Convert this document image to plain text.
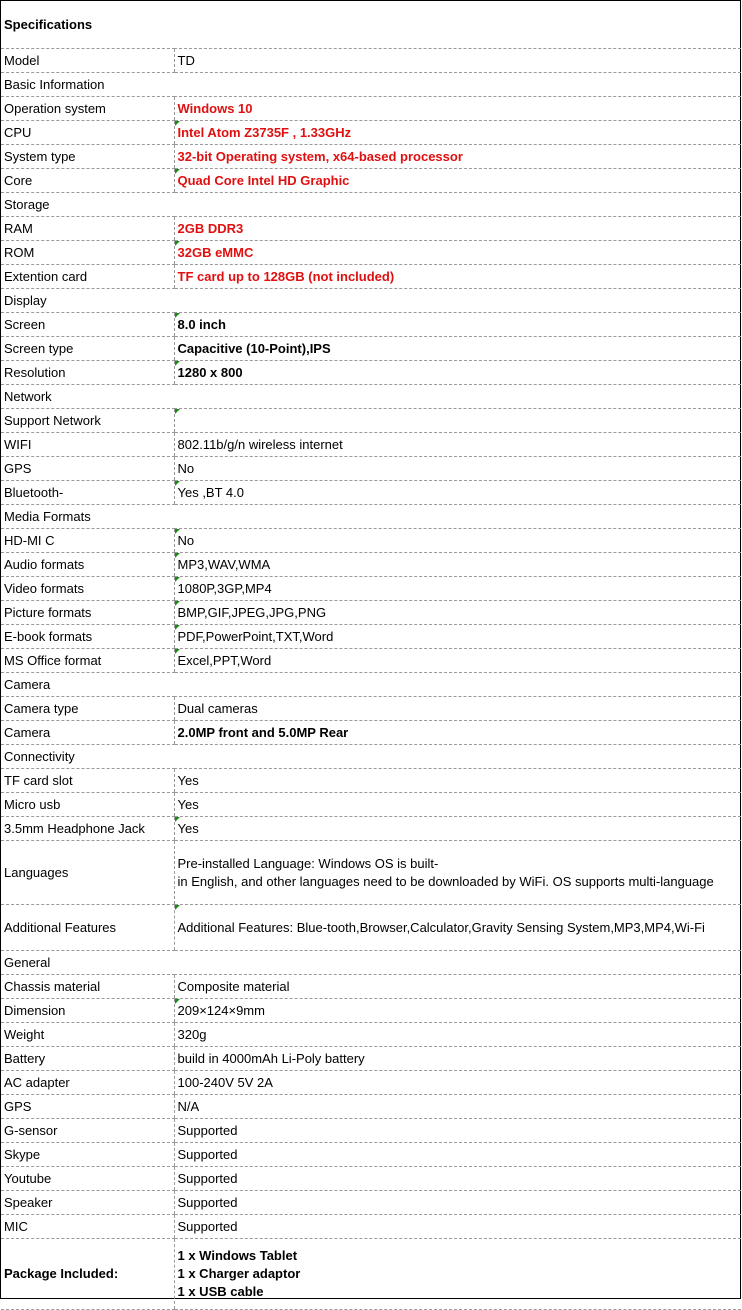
Specifications	
Model	TD
Basic Information	
Operation system	Windows 10
CPU	Intel Atom Z3735F , 1.33GHz
System type	32-bit Operating system, x64-based processor
Core	Quad Core Intel HD Graphic
Storage	
RAM	2GB DDR3
ROM	32GB eMMC
Extention card	TF card up to 128GB (not included)
Display	
Screen	8.0 inch
Screen type	Capacitive (10-Point),IPS
Resolution	1280 x 800
Network	
Support Network	
WIFI	802.11b/g/n wireless internet
GPS	No
Bluetooth-	Yes ,BT 4.0
Media Formats	
HD-MI C	No
Audio formats	MP3,WAV,WMA
Video formats	1080P,3GP,MP4
Picture formats	BMP,GIF,JPEG,JPG,PNG
E-book formats	PDF,PowerPoint,TXT,Word
MS Office format	Excel,PPT,Word
Camera	
Camera type	Dual cameras
Camera	2.0MP front and 5.0MP Rear
Connectivity	
TF card slot	Yes
Micro usb	Yes
3.5mm Headphone Jack	Yes
Languages	Pre-installed Language: Windows OS is built-
in English, and other languages need to be downloaded by WiFi. OS supports multi-language
Additional Features	Additional Features: Blue-tooth,Browser,Calculator,Gravity Sensing System,MP3,MP4,Wi-Fi
General	
Chassis material	Composite material
Dimension	209×124×9mm
Weight	320g
Battery	build in 4000mAh Li-Poly battery
AC adapter	100-240V 5V 2A
GPS	N/A
G-sensor	Supported
Skype	Supported
Youtube	Supported
Speaker	Supported
MIC	Supported
Package Included:	1 x Windows Tablet
1 x Charger adaptor
1 x USB cable
